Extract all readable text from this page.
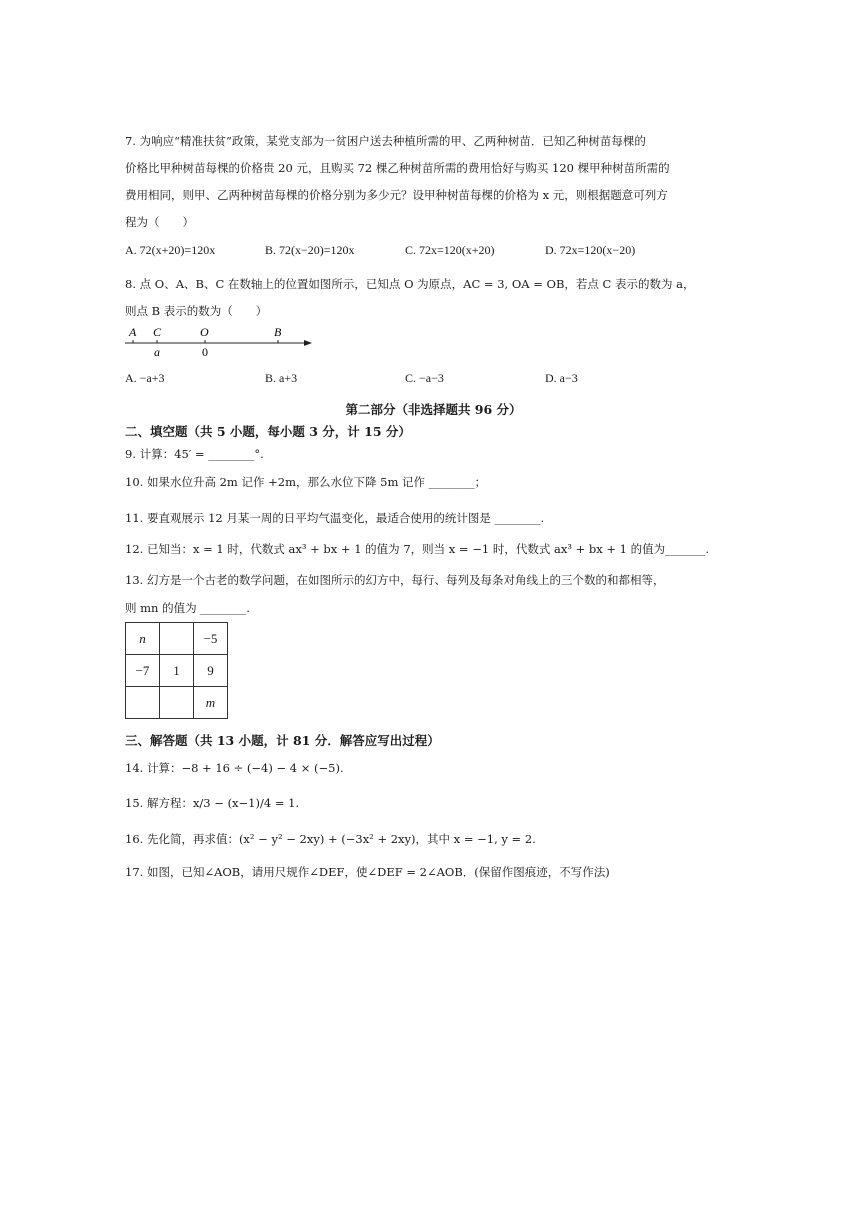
7. 为响应“精准扶贫”政策，某党支部为一贫困户送去种植所需的甲、乙两种树苗．已知乙种树苗每棵的
价格比甲种树苗每棵的价格贵 20 元，且购买 72 棵乙种树苗所需的费用恰好与购买 120 棵甲种树苗所需的
费用相同，则甲、乙两种树苗每棵的价格分别为多少元？设甲种树苗每棵的价格为 x 元，则根据题意可列方
程为（　　）
A. 72(x+20)=120x	B. 72(x−20)=120x	C. 72x=120(x+20)	D. 72x=120(x−20)
8. 点 O、A、B、C 在数轴上的位置如图所示，已知点 O 为原点，AC = 3, OA = OB，若点 C 表示的数为 a，
则点 B 表示的数为（　　）
A C	O	B
a	0
A. −a+3	B. a+3	C. −a−3	D. a−3
第二部分（非选择题共 96 分）
二、填空题（共 5 小题，每小题 3 分，计 15 分）
9. 计算：45′ = ________°.
10. 如果水位升高 2m 记作 +2m，那么水位下降 5m 记作 ________；
11. 要直观展示 12 月某一周的日平均气温变化，最适合使用的统计图是 ________.
12. 已知当：x = 1 时，代数式 ax³ + bx + 1 的值为 7，则当 x = −1 时，代数式 ax³ + bx + 1 的值为_______.
13. 幻方是一个古老的数学问题，在如图所示的幻方中，每行、每列及每条对角线上的三个数的和都相等，
则 mn 的值为 ________.
n		−5
−7	1	9
		m
三、解答题（共 13 小题，计 81 分．解答应写出过程）
14. 计算：−8 + 16 ÷ (−4) − 4 × (−5).
15. 解方程：x/3 − (x−1)/4 = 1.
16. 先化简，再求值：(x² − y² − 2xy) + (−3x² + 2xy)，其中 x = −1, y = 2.
17. 如图，已知∠AOB，请用尺规作∠DEF，使∠DEF = 2∠AOB．(保留作图痕迹，不写作法)
